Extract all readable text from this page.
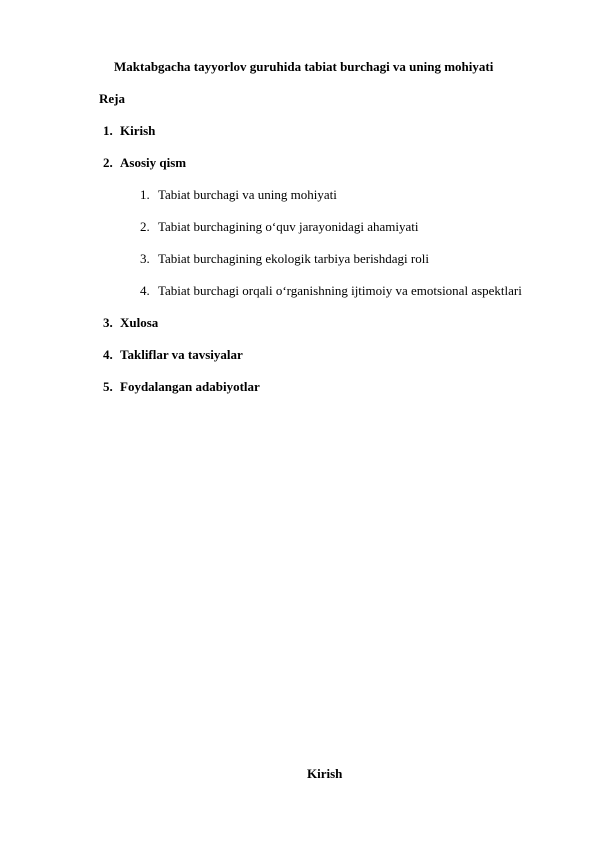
Maktabgacha tayyorlov guruhida tabiat burchagi va uning mohiyati
Reja
1. Kirish
2. Asosiy qism
1. Tabiat burchagi va uning mohiyati
2. Tabiat burchagining o‘quv jarayonidagi ahamiyati
3. Tabiat burchagining ekologik tarbiya berishdagi roli
4. Tabiat burchagi orqali o‘rganishning ijtimoiy va emotsional aspektlari
3. Xulosa
4. Takliflar va tavsiyalar
5. Foydalangan adabiyotlar
Kirish
